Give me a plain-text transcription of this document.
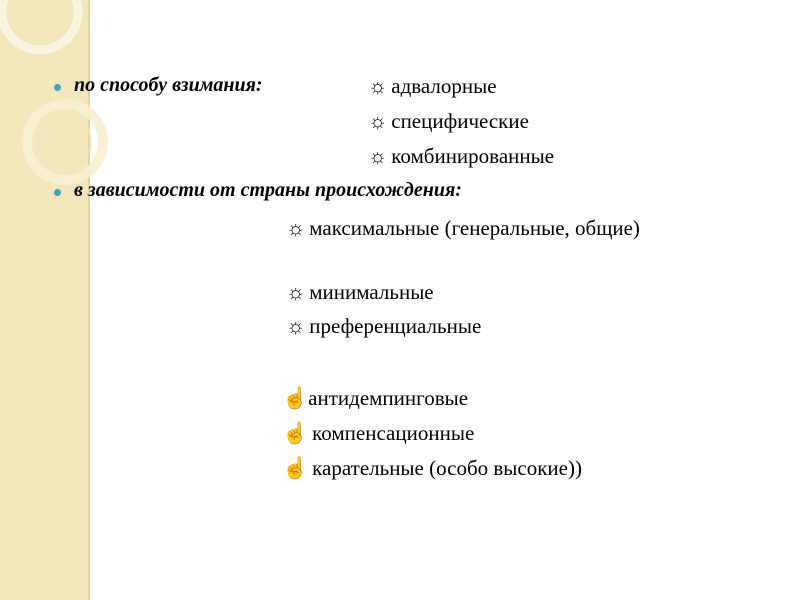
по способу взимания:	☼ адвалорные
☼ специфические
☼ комбинированные
в зависимости от страны происхождения:
☼ максимальные (генеральные, общие)
☼ минимальные
☼ преференциальные
☝антидемпинговые
☝ компенсационные
☝ карательные (особо высокие))
